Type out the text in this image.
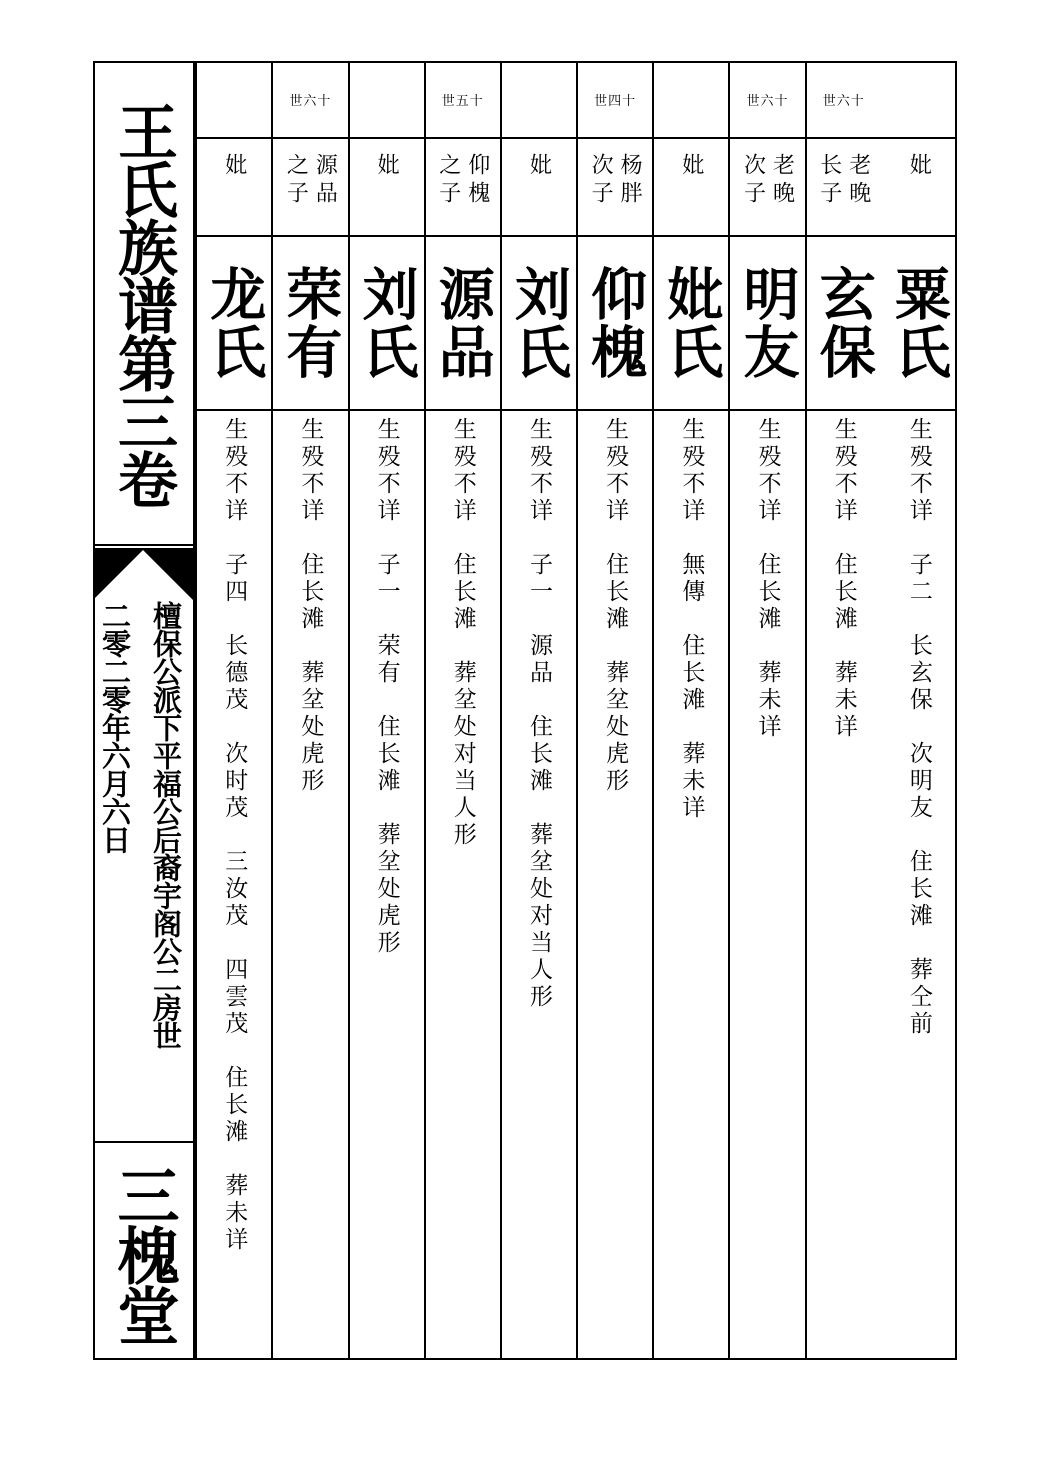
王氏族谱第三卷
檀保公派下平福公后裔宇阁公二房世
二零二零年六月六日
三槐堂
妣
粟氏
生殁不详　子二　长玄保　次明友　住长滩　葬仝前
世六十
老晚
长子
玄保
生殁不详　住长滩　葬未详
世六十
老晚
次子
明友
生殁不详　住长滩　葬未详
妣
妣氏
生殁不详　無傳　住长滩　葬未详
世四十
杨胖
次子
仰槐
生殁不详　住长滩　葬坌处虎形
妣
刘氏
生殁不详　子一　源品　住长滩　葬坌处对当人形
世五十
仰槐
之子
源品
生殁不详　住长滩　葬坌处对当人形
妣
刘氏
生殁不详　子一　荣有　住长滩　葬坌处虎形
世六十
源品
之子
荣有
生殁不详　住长滩　葬坌处虎形
妣
龙氏
生殁不详　子四　长德茂　次时茂　三汝茂　四雲茂　住长滩　葬未详
